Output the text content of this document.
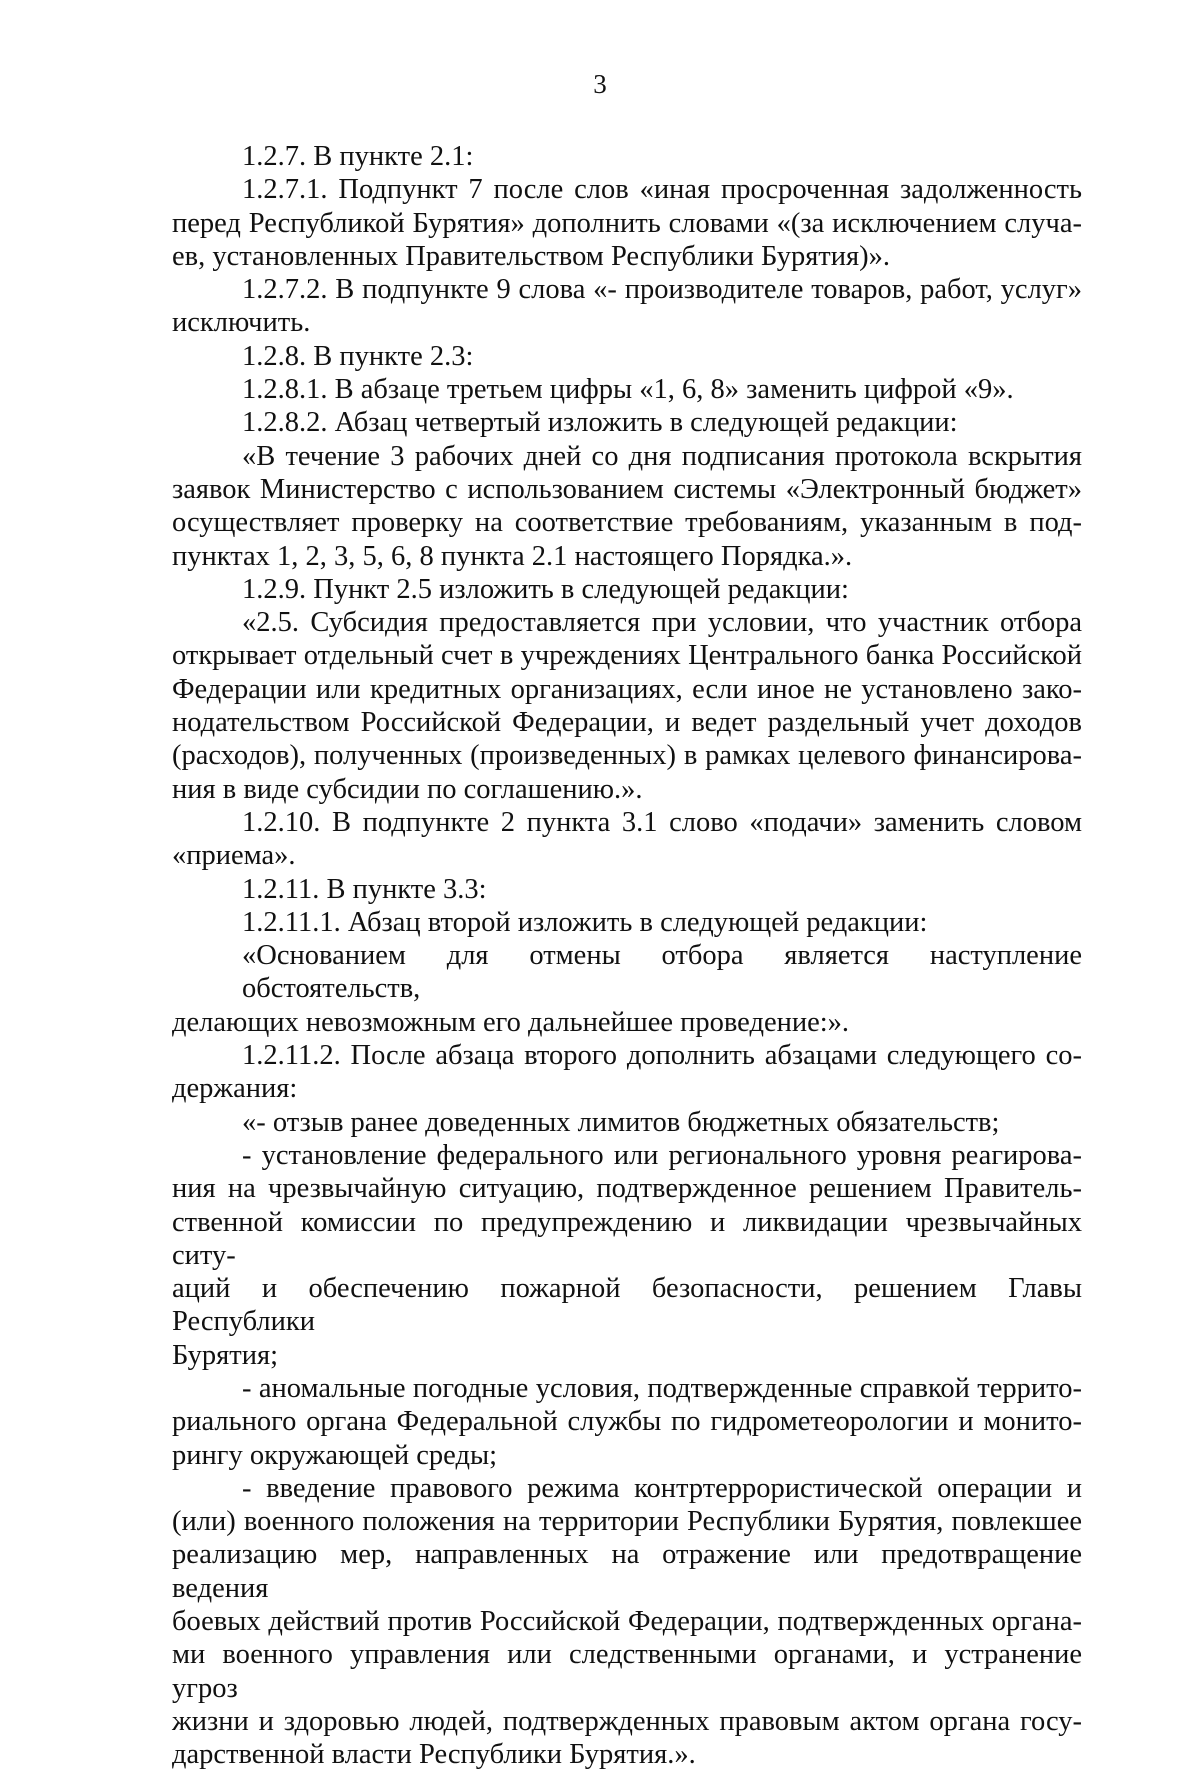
3
1.2.7. В пункте 2.1:
1.2.7.1. Подпункт 7 после слов «иная просроченная задолженность
перед Республикой Бурятия» дополнить словами «(за исключением случа-
ев, установленных Правительством Республики Бурятия)».
1.2.7.2. В подпункте 9 слова «- производителе товаров, работ, услуг»
исключить.
1.2.8. В пункте 2.3:
1.2.8.1. В абзаце третьем цифры «1, 6, 8» заменить цифрой «9».
1.2.8.2. Абзац четвертый изложить в следующей редакции:
«В течение 3 рабочих дней со дня подписания протокола вскрытия
заявок Министерство с использованием системы «Электронный бюджет»
осуществляет проверку на соответствие требованиям, указанным в под-
пунктах 1, 2, 3, 5, 6, 8 пункта 2.1 настоящего Порядка.».
1.2.9. Пункт 2.5 изложить в следующей редакции:
«2.5. Субсидия предоставляется при условии, что участник отбора
открывает отдельный счет в учреждениях Центрального банка Российской
Федерации или кредитных организациях, если иное не установлено зако-
нодательством Российской Федерации, и ведет раздельный учет доходов
(расходов), полученных (произведенных) в рамках целевого финансирова-
ния в виде субсидии по соглашению.».
1.2.10. В подпункте 2 пункта 3.1 слово «подачи» заменить словом
«приема».
1.2.11. В пункте 3.3:
1.2.11.1. Абзац второй изложить в следующей редакции:
«Основанием для отмены отбора является наступление обстоятельств,
делающих невозможным его дальнейшее проведение:».
1.2.11.2. После абзаца второго дополнить абзацами следующего со-
держания:
«- отзыв ранее доведенных лимитов бюджетных обязательств;
- установление федерального или регионального уровня реагирова-
ния на чрезвычайную ситуацию, подтвержденное решением Правитель-
ственной комиссии по предупреждению и ликвидации чрезвычайных ситу-
аций и обеспечению пожарной безопасности, решением Главы Республики
Бурятия;
- аномальные погодные условия, подтвержденные справкой террито-
риального органа Федеральной службы по гидрометеорологии и монито-
рингу окружающей среды;
- введение правового режима контртеррористической операции и
(или) военного положения на территории Республики Бурятия, повлекшее
реализацию мер, направленных на отражение или предотвращение ведения
боевых действий против Российской Федерации, подтвержденных органа-
ми военного управления или следственными органами, и устранение угроз
жизни и здоровью людей, подтвержденных правовым актом органа госу-
дарственной власти Республики Бурятия.».
